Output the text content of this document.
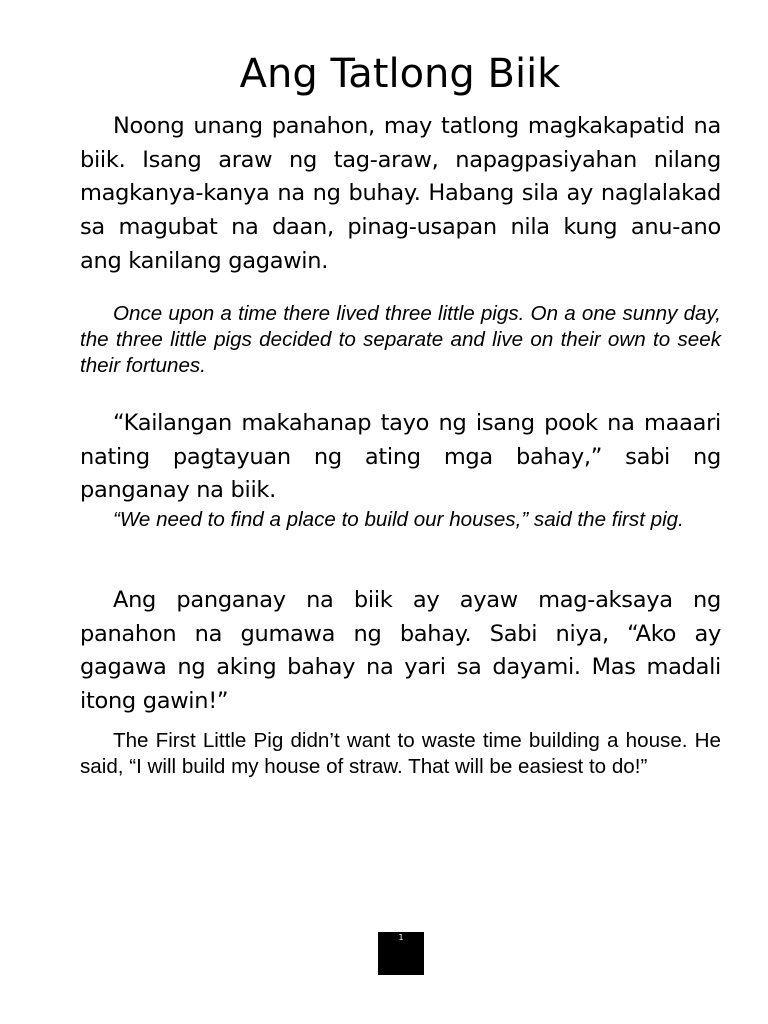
Ang Tatlong Biik

Noong unang panahon, may tatlong magkakapatid na biik. Isang araw ng tag-araw, napagpasiyahan nilang magkanya-kanya na ng buhay. Habang sila ay naglalakad sa magubat na daan, pinag-usapan nila kung anu-ano ang kanilang gagawin.

Once upon a time there lived three little pigs. On a one sunny day, the three little pigs decided to separate and live on their own to seek their fortunes.

“Kailangan makahanap tayo ng isang pook na maaari nating pagtayuan ng ating mga bahay,” sabi ng panganay na biik.

“We need to find a place to build our houses,” said the first pig.

Ang panganay na biik ay ayaw mag-aksaya ng panahon na gumawa ng bahay. Sabi niya, “Ako ay gagawa ng aking bahay na yari sa dayami. Mas madali itong gawin!”

The First Little Pig didn’t want to waste time building a house. He said, “I will build my house of straw. That will be easiest to do!”

1
